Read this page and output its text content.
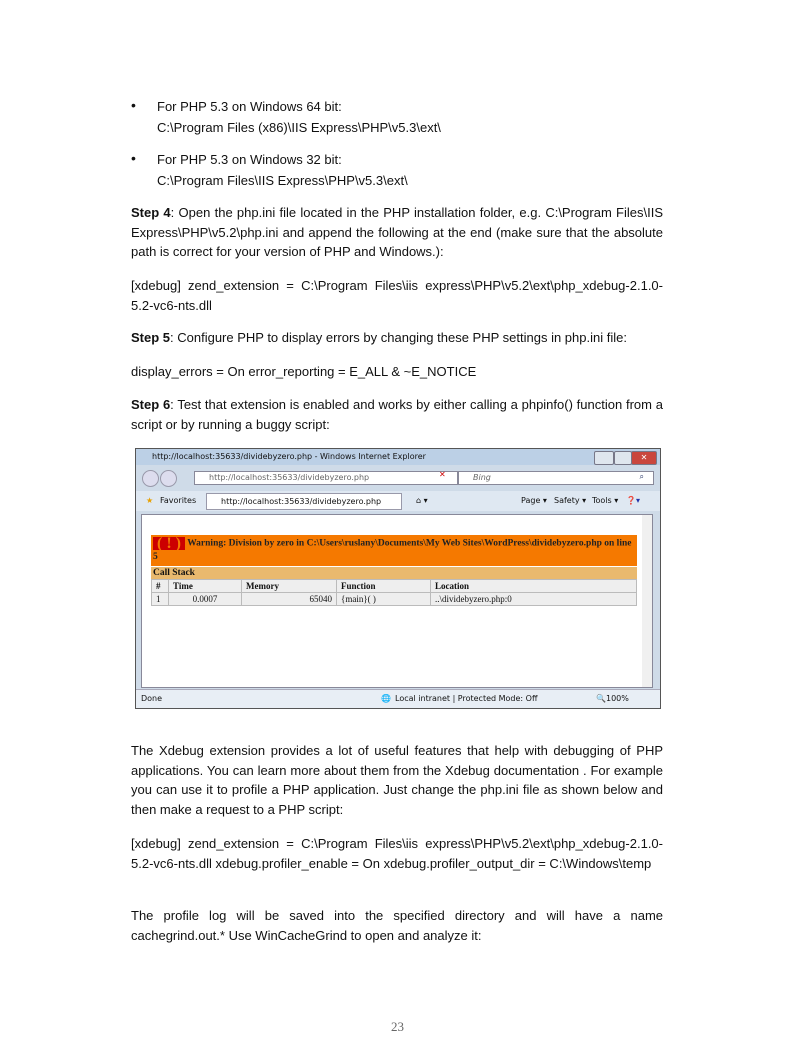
• For PHP 5.3 on Windows 64 bit:
C:\Program Files (x86)\IIS Express\PHP\v5.3\ext\
• For PHP 5.3 on Windows 32 bit:
C:\Program Files\IIS Express\PHP\v5.3\ext\
Step 4: Open the php.ini file located in the PHP installation folder, e.g. C:\Program Files\IIS Express\PHP\v5.2\php.ini and append the following at the end (make sure that the absolute path is correct for your version of PHP and Windows.):
[xdebug] zend_extension = C:\Program Files\iis express\PHP\v5.2\ext\php_xdebug-2.1.0-5.2-vc6-nts.dll
Step 5: Configure PHP to display errors by changing these PHP settings in php.ini file:
display_errors = On error_reporting = E_ALL & ~E_NOTICE
Step 6: Test that extension is enabled and works by either calling a phpinfo() function from a script or by running a buggy script:
http://localhost:35633/dividebyzero.php - Windows Internet Explorer	✕
http://localhost:35633/dividebyzero.php	✕	Bing	⌕
★ Favorites	http://localhost:35633/dividebyzero.php	⌂ ▾	Page ▾ Safety ▾ Tools ▾ ❓▾
( ! ) Warning: Division by zero in C:\Users\ruslany\Documents\My Web Sites\WordPress\dividebyzero.php on line 5
Call Stack
#	Time	Memory	Function	Location
1	0.0007	65040	{main}( )	..\dividebyzero.php:0
Done	🌐 Local intranet | Protected Mode: Off	🔍 100%
The Xdebug extension provides a lot of useful features that help with debugging of PHP applications. You can learn more about them from the Xdebug documentation . For example you can use it to profile a PHP application. Just change the php.ini file as shown below and then make a request to a PHP script:
[xdebug] zend_extension = C:\Program Files\iis express\PHP\v5.2\ext\php_xdebug-2.1.0-5.2-vc6-nts.dll xdebug.profiler_enable = On xdebug.profiler_output_dir = C:\Windows\temp
The profile log will be saved into the specified directory and will have a name cachegrind.out.* Use WinCacheGrind to open and analyze it:
23
